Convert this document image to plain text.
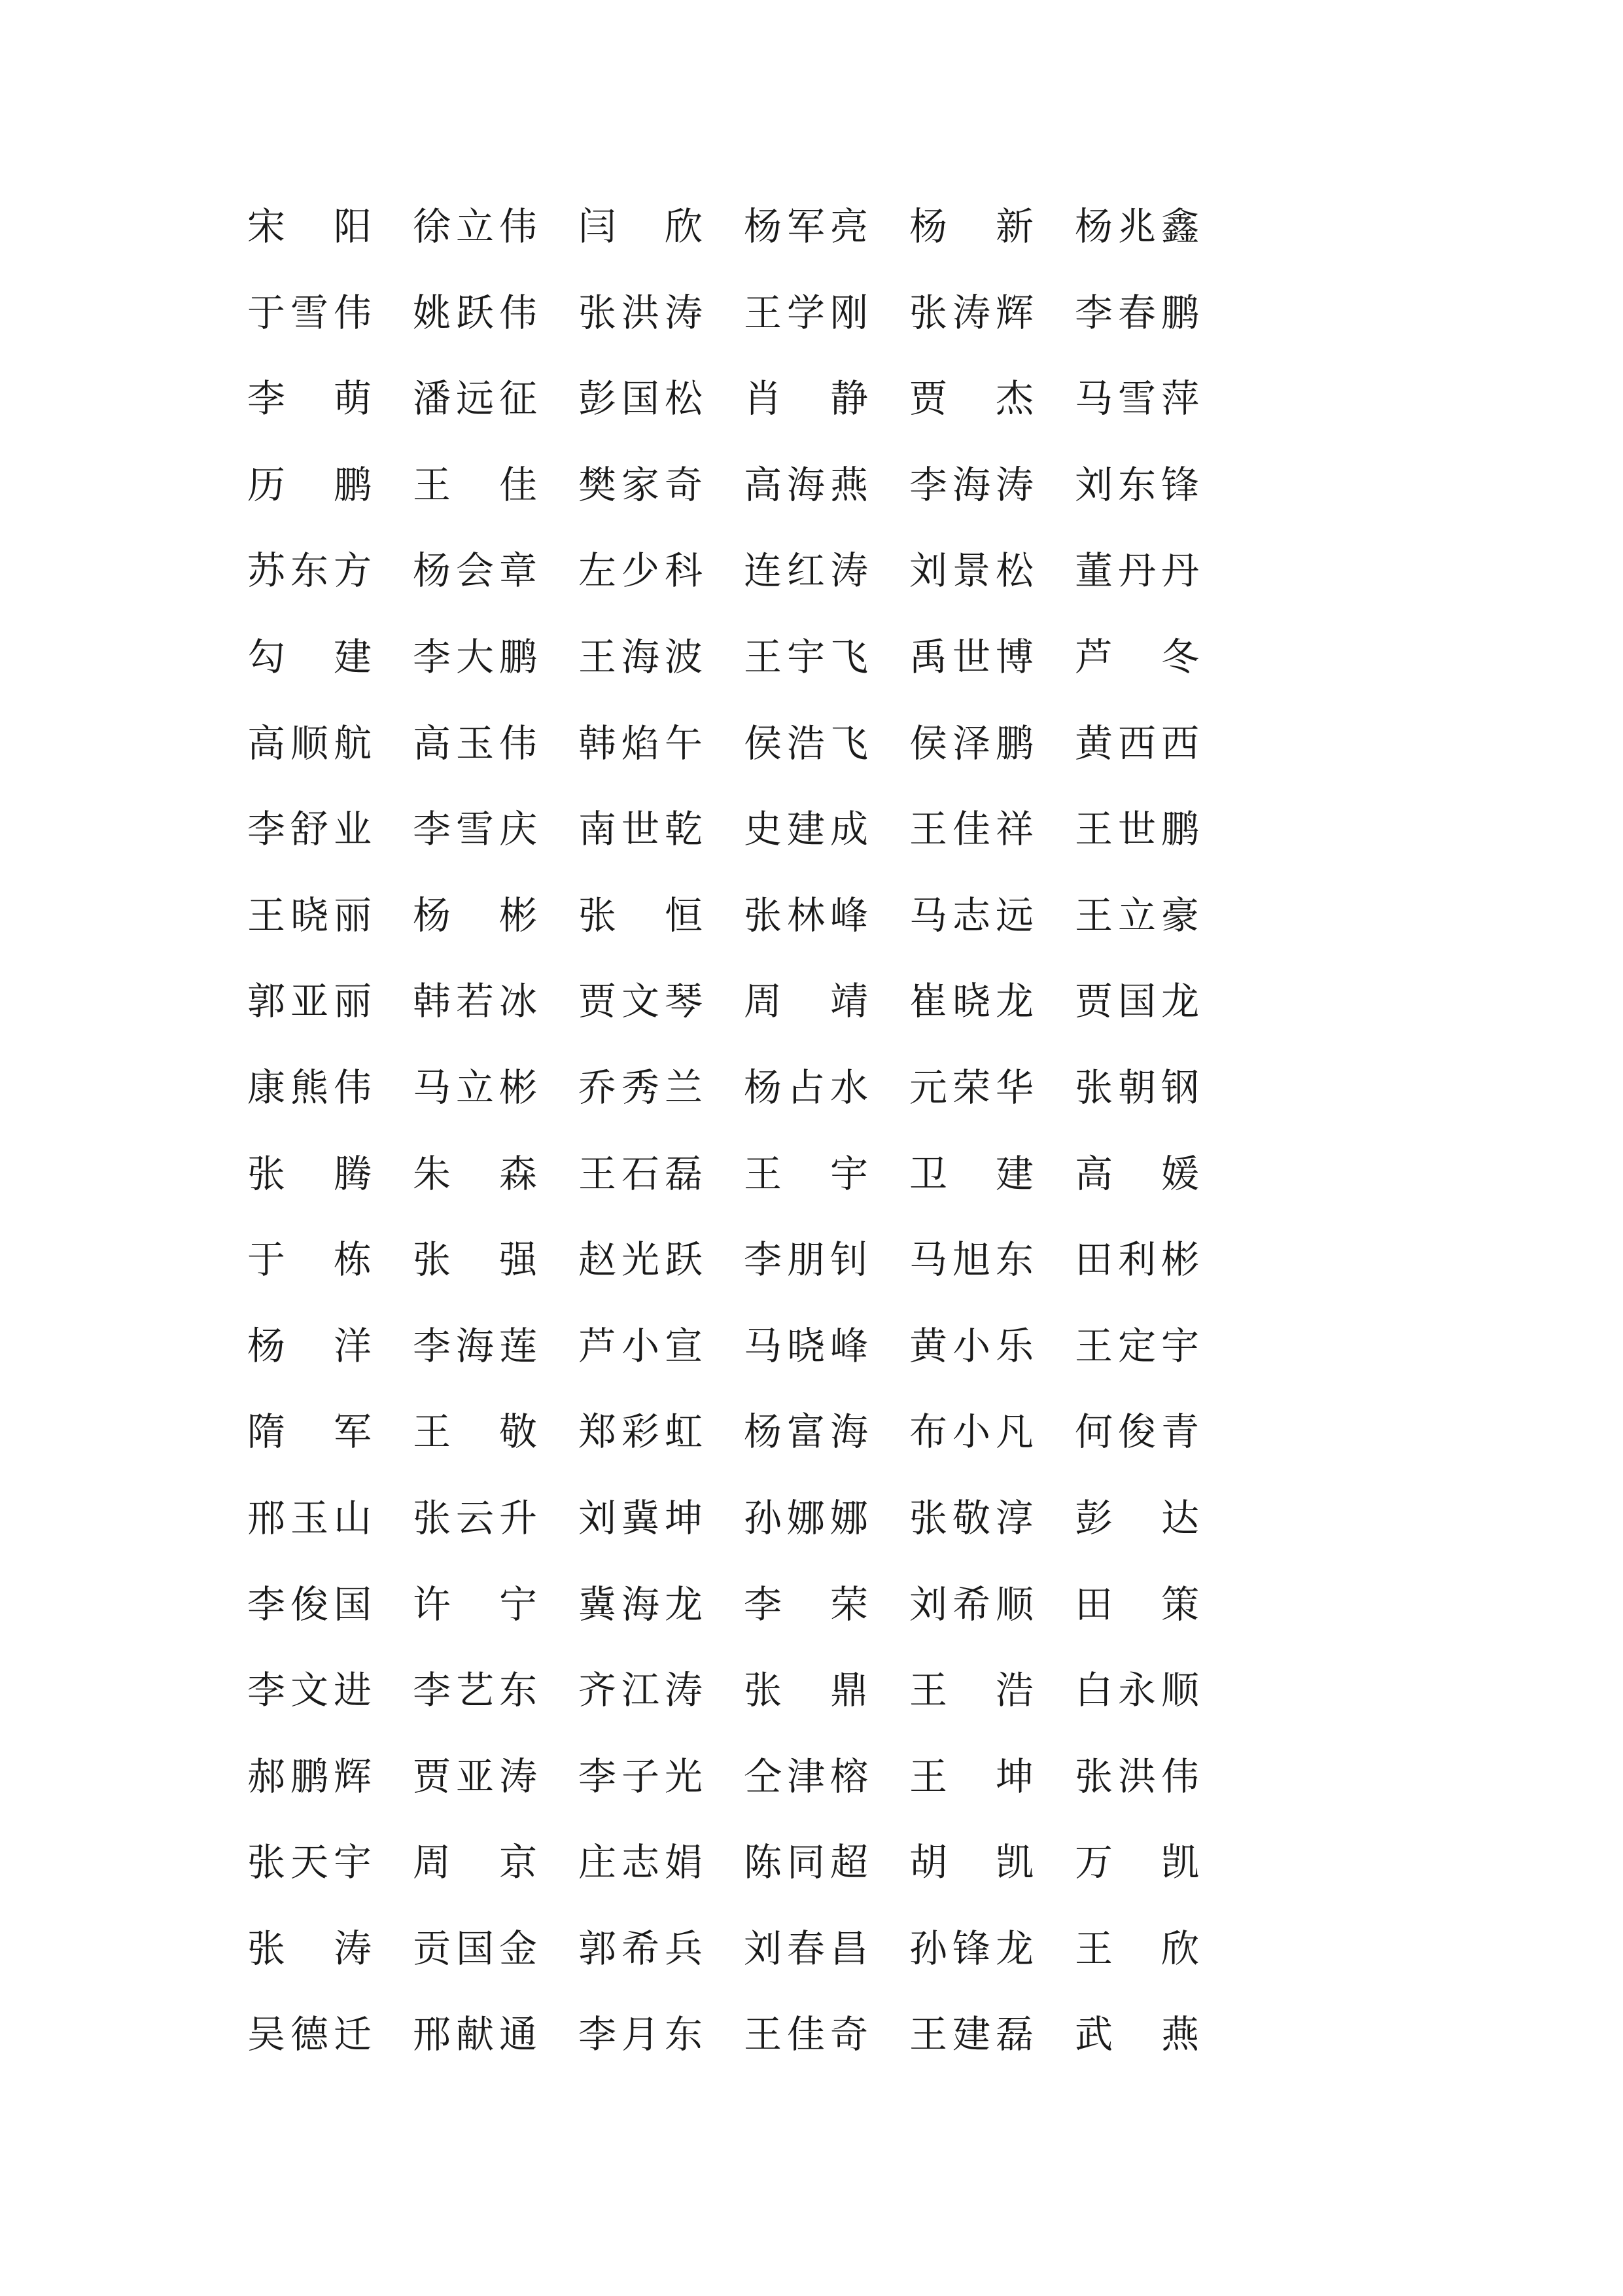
宋
　 阳 徐 立 伟 闫
　 欣 杨 军 亮 杨
　 新 杨 兆 鑫
于 雪 伟 姚 跃 伟 张 洪 涛 王 学 刚 张 涛 辉 李 春 鹏
李
　 萌 潘 远 征 彭 国 松 肖
　 静 贾
　 杰 马 雪 萍
历
　 鹏 王
　 佳 樊 家 奇 高 海 燕 李 海 涛 刘 东 锋
苏 东 方 杨 会 章 左 少 科 连 红 涛 刘 景 松 董 丹 丹
勾
　 建 李 大 鹏 王 海 波 王 宇 飞 禹 世 博 芦
　 冬
高 顺 航 高 玉 伟 韩 焰 午 侯 浩 飞 侯 泽 鹏 黄 西 西
李 舒 业 李 雪 庆 南 世 乾 史 建 成 王 佳 祥 王 世 鹏
王 晓 丽 杨
　 彬 张
　 恒 张 林 峰 马 志 远 王 立 豪
郭 亚 丽 韩 若 冰 贾 文 琴 周
　 靖 崔 晓 龙 贾 国 龙
康 熊 伟 马 立 彬 乔 秀 兰 杨 占 水 元 荣 华 张 朝 钢
张
　 腾 朱
　 森 王 石 磊 王
　 宇 卫
　 建 高
　 媛
于
　 栋 张
　 强 赵 光 跃 李 朋 钊 马 旭 东 田 利 彬
杨
　 洋 李 海 莲 芦 小 宣 马 晓 峰 黄 小 乐 王 定 宇
隋
　 军 王
　 敬 郑 彩 虹 杨 富 海 布 小 凡 何 俊 青
邢 玉 山 张 云 升 刘 冀 坤 孙 娜 娜 张 敬 淳 彭
　 达
李 俊 国 许
　 宁 冀 海 龙 李
　 荣 刘 希 顺 田
　 策
李 文 进 李 艺 东 齐 江 涛 张
　 鼎 王
　 浩 白 永 顺
郝 鹏 辉 贾 亚 涛 李 子 光 仝 津 榕 王
　 坤 张 洪 伟
张 天 宇 周
　 京 庄 志 娟 陈 同 超 胡
　 凯 万
　 凯
张
　 涛 贡 国 金 郭 希 兵 刘 春 昌 孙 锋 龙 王
　 欣
吴 德 迁 邢 献 通 李 月 东 王 佳 奇 王 建 磊 武
　 燕
